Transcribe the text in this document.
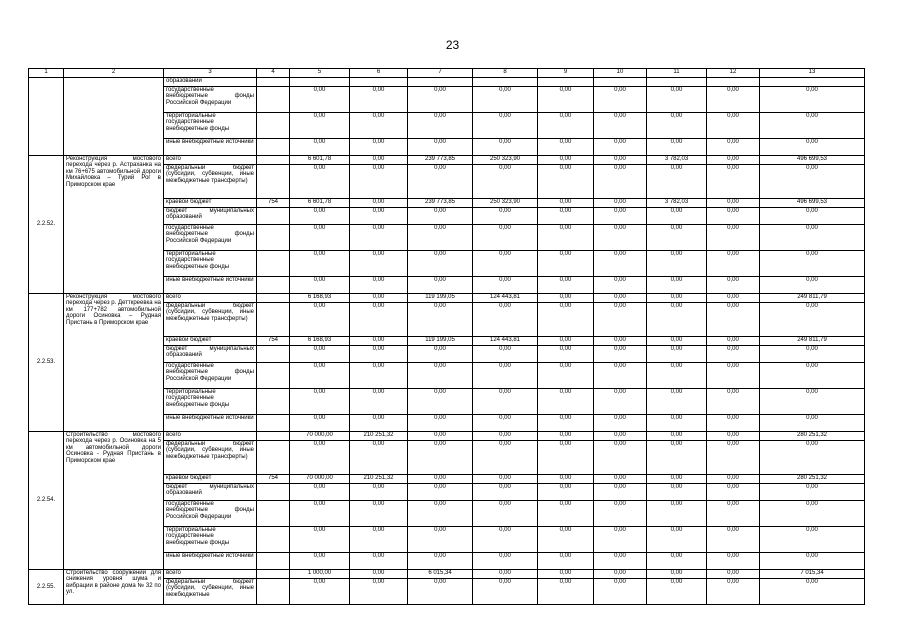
23
1	2	3	4	5	6	7	8	9	10	11	12	13
		образований										
		государственные внебюджетные фонды Российской Федерации		0,00	0,00	0,00	0,00	0,00	0,00	0,00	0,00	0,00
		территориальные государственные внебюджетные фонды		0,00	0,00	0,00	0,00	0,00	0,00	0,00	0,00	0,00
		иные внебюджетные источники		0,00	0,00	0,00	0,00	0,00	0,00	0,00	0,00	0,00
2.2.52.	Реконструкция мостового перехода через р. Астраханка на км 76+675 автомобильной дороги Михайловка – Турий Рог в Приморском крае	всего		6 601,78	0,00	239 773,85	250 323,90	0,00	0,00	3 782,03	0,00	496 699,53
		федеральный бюджет (субсидии, субвенции, иные межбюджетные трансферты)		0,00	0,00	0,00	0,00	0,00	0,00	0,00	0,00	0,00
		краевой бюджет	754	6 601,78	0,00	239 773,85	250 323,90	0,00	0,00	3 782,03	0,00	496 699,53
		бюджет муниципальных образований		0,00	0,00	0,00	0,00	0,00	0,00	0,00	0,00	0,00
		государственные внебюджетные фонды Российской Федерации		0,00	0,00	0,00	0,00	0,00	0,00	0,00	0,00	0,00
		территориальные государственные внебюджетные фонды		0,00	0,00	0,00	0,00	0,00	0,00	0,00	0,00	0,00
		иные внебюджетные источники		0,00	0,00	0,00	0,00	0,00	0,00	0,00	0,00	0,00
2.2.53.	Реконструкция мостового перехода через р. Детткреевка на км 177+782 автомобильной дороги Осиновка – Рудная Пристань в Приморском крае	всего		6 168,93	0,00	119 199,05	124 443,81	0,00	0,00	0,00	0,00	249 811,79
		федеральный бюджет (субсидии, субвенции, иные межбюджетные трансферты)		0,00	0,00	0,00	0,00	0,00	0,00	0,00	0,00	0,00
		краевой бюджет	754	6 168,93	0,00	119 199,05	124 443,81	0,00	0,00	0,00	0,00	249 811,79
		бюджет муниципальных образований		0,00	0,00	0,00	0,00	0,00	0,00	0,00	0,00	0,00
		государственные внебюджетные фонды Российской Федерации		0,00	0,00	0,00	0,00	0,00	0,00	0,00	0,00	0,00
		территориальные государственные внебюджетные фонды		0,00	0,00	0,00	0,00	0,00	0,00	0,00	0,00	0,00
		иные внебюджетные источники		0,00	0,00	0,00	0,00	0,00	0,00	0,00	0,00	0,00
2.2.54.	Строительство мостового перехода через р. Осиновка на 5 км автомобильной дороги Осиновка - Рудная Пристань в Приморском крае	всего		70 000,00	210 251,32	0,00	0,00	0,00	0,00	0,00	0,00	280 251,32
		федеральный бюджет (субсидии, субвенции, иные межбюджетные трансферты)		0,00	0,00	0,00	0,00	0,00	0,00	0,00	0,00	0,00
		краевой бюджет	754	70 000,00	210 251,32	0,00	0,00	0,00	0,00	0,00	0,00	280 251,32
		бюджет муниципальных образований		0,00	0,00	0,00	0,00	0,00	0,00	0,00	0,00	0,00
		государственные внебюджетные фонды Российской Федерации		0,00	0,00	0,00	0,00	0,00	0,00	0,00	0,00	0,00
		территориальные государственные внебюджетные фонды		0,00	0,00	0,00	0,00	0,00	0,00	0,00	0,00	0,00
		иные внебюджетные источники		0,00	0,00	0,00	0,00	0,00	0,00	0,00	0,00	0,00
2.2.55.	Строительство сооружений для снижения уровня шума и вибрации в районе дома № 32 по ул.	всего		1 000,00	0,00	6 015,34	0,00	0,00	0,00	0,00	0,00	7 015,34
		федеральный бюджет (субсидии, субвенции, иные межбюджетные		0,00	0,00	0,00	0,00	0,00	0,00	0,00	0,00	0,00
